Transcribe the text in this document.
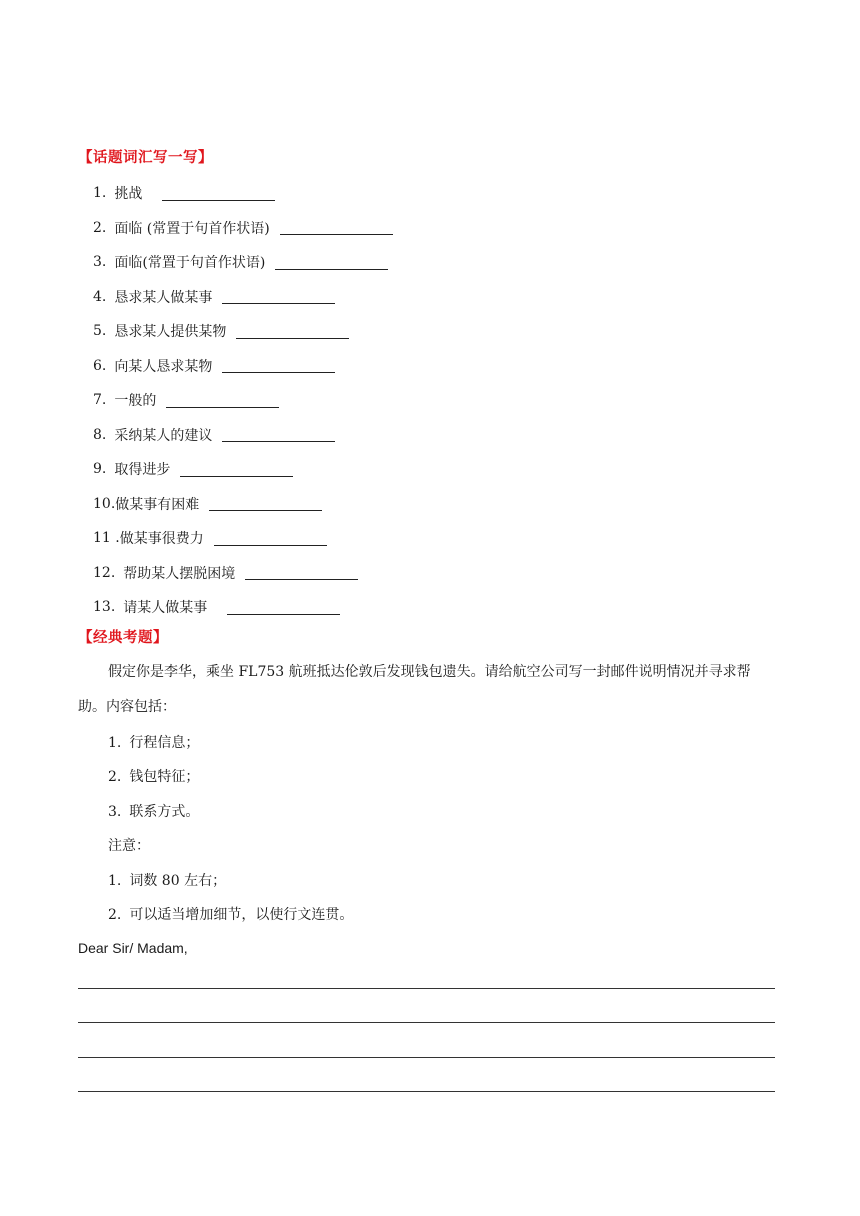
【话题词汇写一写】
1. 挑战
2. 面临 (常置于句首作状语)
3. 面临(常置于句首作状语)
4. 恳求某人做某事
5. 恳求某人提供某物
6. 向某人恳求某物
7. 一般的
8. 采纳某人的建议
9. 取得进步
10. 做某事有困难
11 . 做某事很费力
12. 帮助某人摆脱困境
13. 请某人做某事
【经典考题】
假定你是李华，乘坐 FL753 航班抵达伦敦后发现钱包遗失。请给航空公司写一封邮件说明情况并寻求帮助。内容包括：
1. 行程信息；
2. 钱包特征；
3. 联系方式。
注意：
1. 词数 80 左右；
2. 可以适当增加细节，以使行文连贯。
Dear Sir/ Madam,
